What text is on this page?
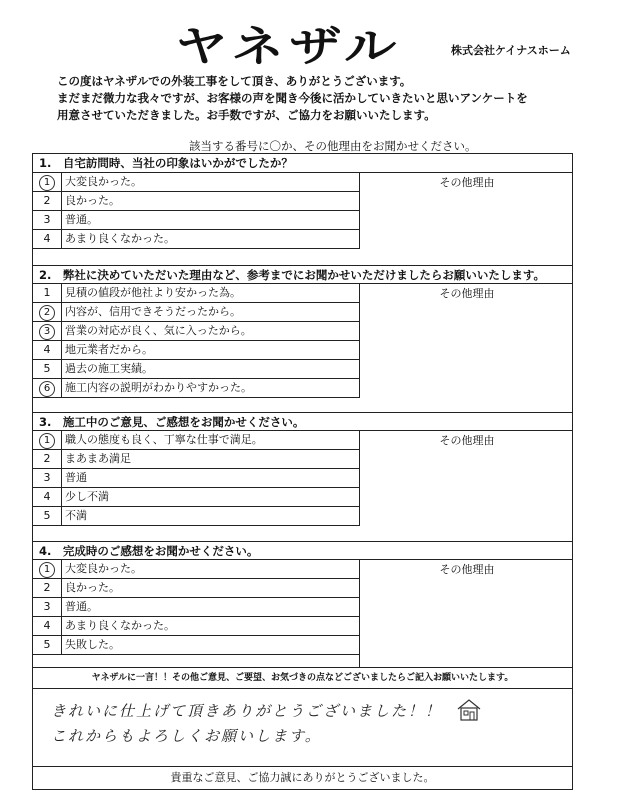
ヤネザル	株式会社ケイナスホーム
この度はヤネザルでの外装工事をして頂き、ありがとうございます。
まだまだ微力な我々ですが、お客様の声を聞き今後に活かしていきたいと思いアンケートを
用意させていただきました。お手数ですが、ご協力をお願いいたします。
該当する番号に〇か、その他理由をお聞かせください。
1.　自宅訪問時、当社の印象はいかがでしたか？
1	大変良かった。
2	良かった。
3	普通。
4	あまり良くなかった。
その他理由
2.　弊社に決めていただいた理由など、参考までにお聞かせいただけましたらお願いいたします。
1	見積の値段が他社より安かった為。
2	内容が、信用できそうだったから。
3	営業の対応が良く、気に入ったから。
4	地元業者だから。
5	過去の施工実績。
6	施工内容の説明がわかりやすかった。
その他理由
3.　施工中のご意見、ご感想をお聞かせください。
1	職人の態度も良く、丁寧な仕事で満足。
2	まあまあ満足
3	普通
4	少し不満
5	不満
その他理由
4.　完成時のご感想をお聞かせください。
1	大変良かった。
2	良かった。
3	普通。
4	あまり良くなかった。
5	失敗した。
その他理由
ヤネザルに一言！！その他ご意見、ご要望、お気づきの点などございましたらご記入お願いいたします。
きれいに仕上げて頂きありがとうございました！！
これからもよろしくお願いします。
貴重なご意見、ご協力誠にありがとうございました。
